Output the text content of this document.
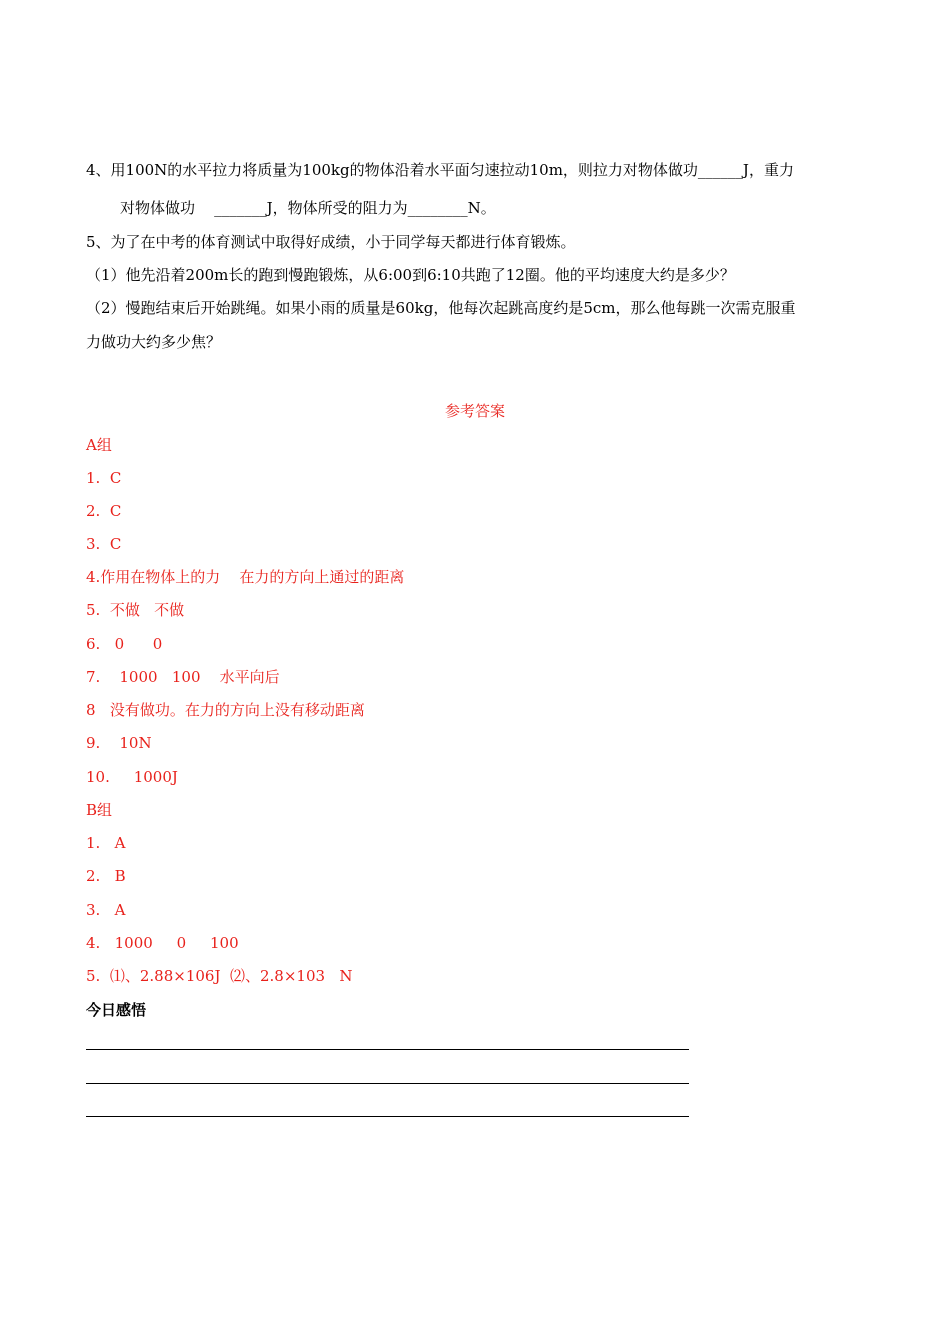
4、用100N的水平拉力将质量为100kg的物体沿着水平面匀速拉动10m，则拉力对物体做功______J，重力
对物体做功    _______J，物体所受的阻力为________N。
5、为了在中考的体育测试中取得好成绩，小于同学每天都进行体育锻炼。
（1）他先沿着200m长的跑到慢跑锻炼，从6:00到6:10共跑了12圈。他的平均速度大约是多少？
（2）慢跑结束后开始跳绳。如果小雨的质量是60kg，他每次起跳高度约是5cm，那么他每跳一次需克服重
力做功大约多少焦？
参考答案
A组
1.  C
2.  C
3.  C
4.作用在物体上的力    在力的方向上通过的距离
5.  不做   不做
6.   0      0
7.    1000   100    水平向后
8   没有做功。在力的方向上没有移动距离
9.    10N
10.     1000J
B组
1.   A
2.   B
3.   A
4.   1000     0     100
5.  ⑴、2.88×106J  ⑵、2.8×103   N
今日感悟
